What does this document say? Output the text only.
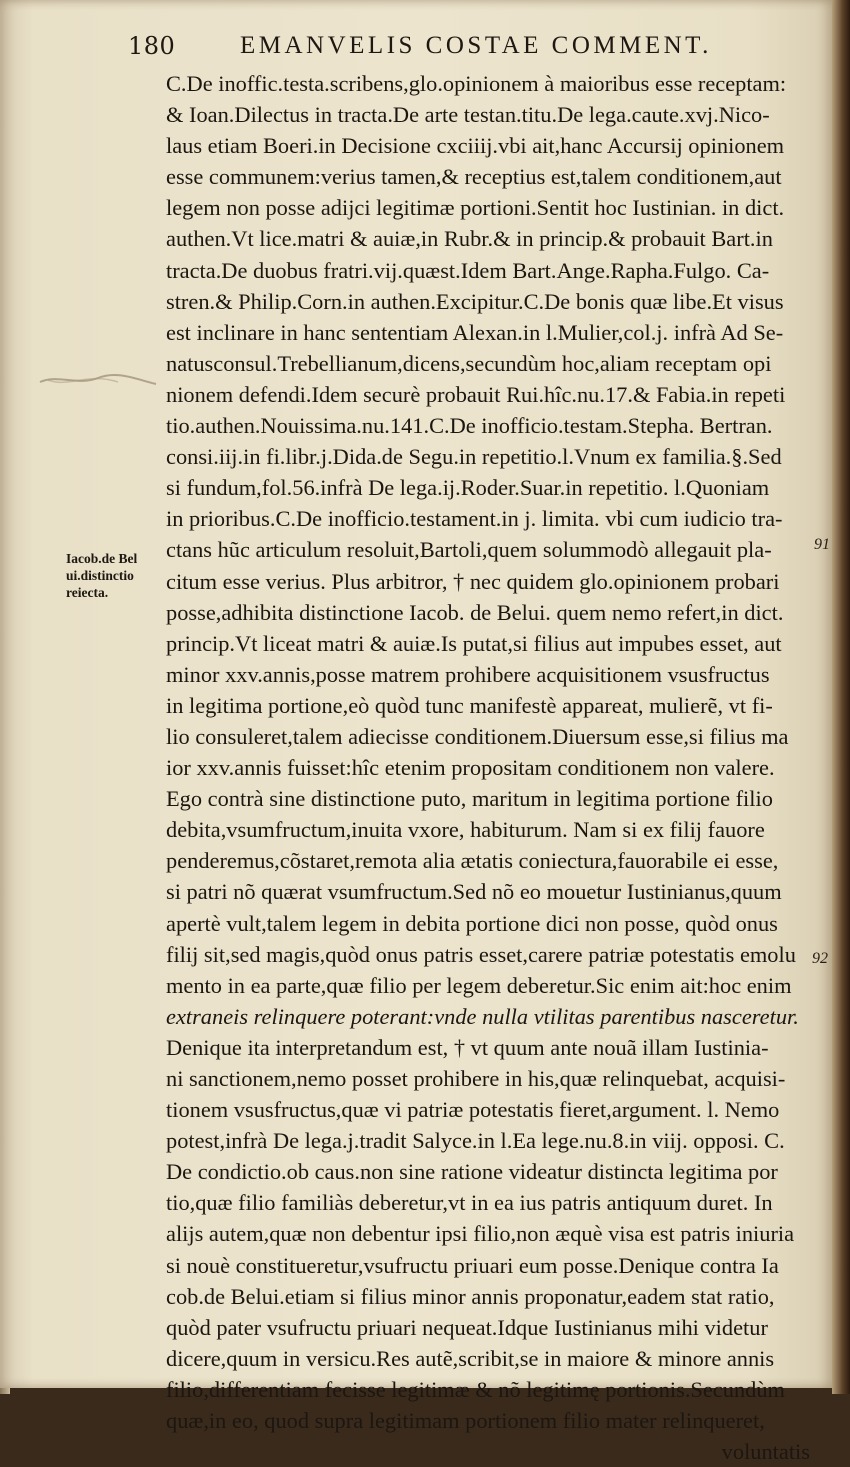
180	EMANVELIS COSTAE COMMENT.
Iacob.de Bel
ui.distinctio
reiecta.
91
92
C.De inoffic.testa.scribens,glo.opinionem à maioribus esse receptam:
& Ioan.Dilectus in tracta.De arte testan.titu.De lega.caute.xvj.Nico-
laus etiam Boeri.in Decisione cxciiij.vbi ait,hanc Accursij opinionem
esse communem:verius tamen,& receptius est,talem conditionem,aut
legem non posse adijci legitimæ portioni.Sentit hoc Iustinian. in dict.
authen.Vt lice.matri & auiæ,in Rubr.& in princip.& probauit Bart.in
tracta.De duobus fratri.vij.quæst.Idem Bart.Ange.Rapha.Fulgo. Ca-
stren.& Philip.Corn.in authen.Excipitur.C.De bonis quæ libe.Et visus
est inclinare in hanc sententiam Alexan.in l.Mulier,col.j. infrà Ad Se-
natusconsul.Trebellianum,dicens,secundùm hoc,aliam receptam opi
nionem defendi.Idem securè probauit Rui.hîc.nu.17.& Fabia.in repeti
tio.authen.Nouissima.nu.141.C.De inofficio.testam.Stepha. Bertran.
consi.iij.in fi.libr.j.Dida.de Segu.in repetitio.l.Vnum ex familia.§.Sed
si fundum,fol.56.infrà De lega.ij.Roder.Suar.in repetitio. l.Quoniam
in prioribus.C.De inofficio.testament.in j. limita. vbi cum iudicio tra-
ctans hũc articulum resoluit,Bartoli,quem solummodò allegauit pla-
citum esse verius. Plus arbitror, † nec quidem glo.opinionem probari
posse,adhibita distinctione Iacob. de Belui. quem nemo refert,in dict.
princip.Vt liceat matri & auiæ.Is putat,si filius aut impubes esset, aut
minor xxv.annis,posse matrem prohibere acquisitionem vsusfructus
in legitima portione,eò quòd tunc manifestè appareat, mulierẽ, vt fi-
lio consuleret,talem adiecisse conditionem.Diuersum esse,si filius ma
ior xxv.annis fuisset:hîc etenim propositam conditionem non valere.
Ego contrà sine distinctione puto, maritum in legitima portione filio
debita,vsumfructum,inuita vxore, habiturum. Nam si ex filij fauore
penderemus,cõstaret,remota alia ætatis coniectura,fauorabile ei esse,
si patri nõ quærat vsumfructum.Sed nõ eo mouetur Iustinianus,quum
apertè vult,talem legem in debita portione dici non posse, quòd onus
filij sit,sed magis,quòd onus patris esset,carere patriæ potestatis emolu
mento in ea parte,quæ filio per legem deberetur.Sic enim ait:hoc enim
extraneis relinquere poterant:vnde nulla vtilitas parentibus nasceretur.
Denique ita interpretandum est, † vt quum ante nouã illam Iustinia-
ni sanctionem,nemo posset prohibere in his,quæ relinquebat, acquisi-
tionem vsusfructus,quæ vi patriæ potestatis fieret,argument. l. Nemo
potest,infrà De lega.j.tradit Salyce.in l.Ea lege.nu.8.in viij. opposi. C.
De condictio.ob caus.non sine ratione videatur distincta legitima por
tio,quæ filio familiàs deberetur,vt in ea ius patris antiquum duret. In
alijs autem,quæ non debentur ipsi filio,non æquè visa est patris iniuria
si nouè constitueretur,vsufructu priuari eum posse.Denique contra Ia
cob.de Belui.etiam si filius minor annis proponatur,eadem stat ratio,
quòd pater vsufructu priuari nequeat.Idque Iustinianus mihi videtur
dicere,quum in versicu.Res autẽ,scribit,se in maiore & minore annis
filio,differentiam fecisse legitimæ & nõ legitimę portionis.Secundùm
quæ,in eo, quod supra legitimam portionem filio mater relinqueret,
voluntatis
